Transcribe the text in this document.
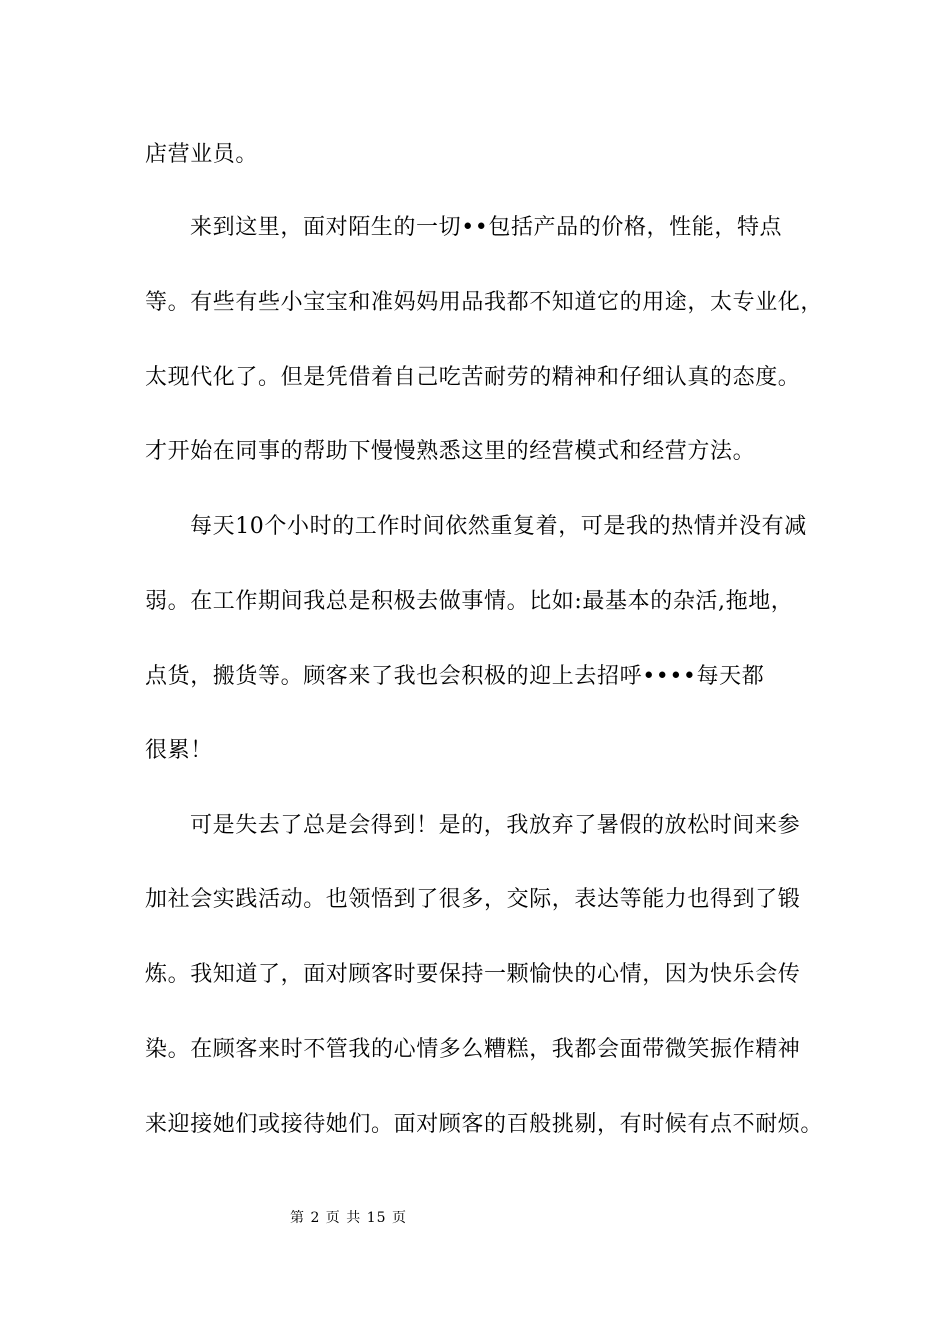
店营业员。
来到这里，面对陌生的一切••包括产品的价格，性能，特点
等。有些有些小宝宝和准妈妈用品我都不知道它的用途，太专业化，
太现代化了。但是凭借着自己吃苦耐劳的精神和仔细认真的态度。
才开始在同事的帮助下慢慢熟悉这里的经营模式和经营方法。
每天10个小时的工作时间依然重复着，可是我的热情并没有减
弱。在工作期间我总是积极去做事情。比如:最基本的杂活,拖地，
点货，搬货等。顾客来了我也会积极的迎上去招呼••••每天都
很累！
可是失去了总是会得到！是的，我放弃了暑假的放松时间来参
加社会实践活动。也领悟到了很多，交际，表达等能力也得到了锻
炼。我知道了，面对顾客时要保持一颗愉快的心情，因为快乐会传
染。在顾客来时不管我的心情多么糟糕，我都会面带微笑振作精神
来迎接她们或接待她们。面对顾客的百般挑剔，有时候有点不耐烦。
第 2 页 共 15 页
